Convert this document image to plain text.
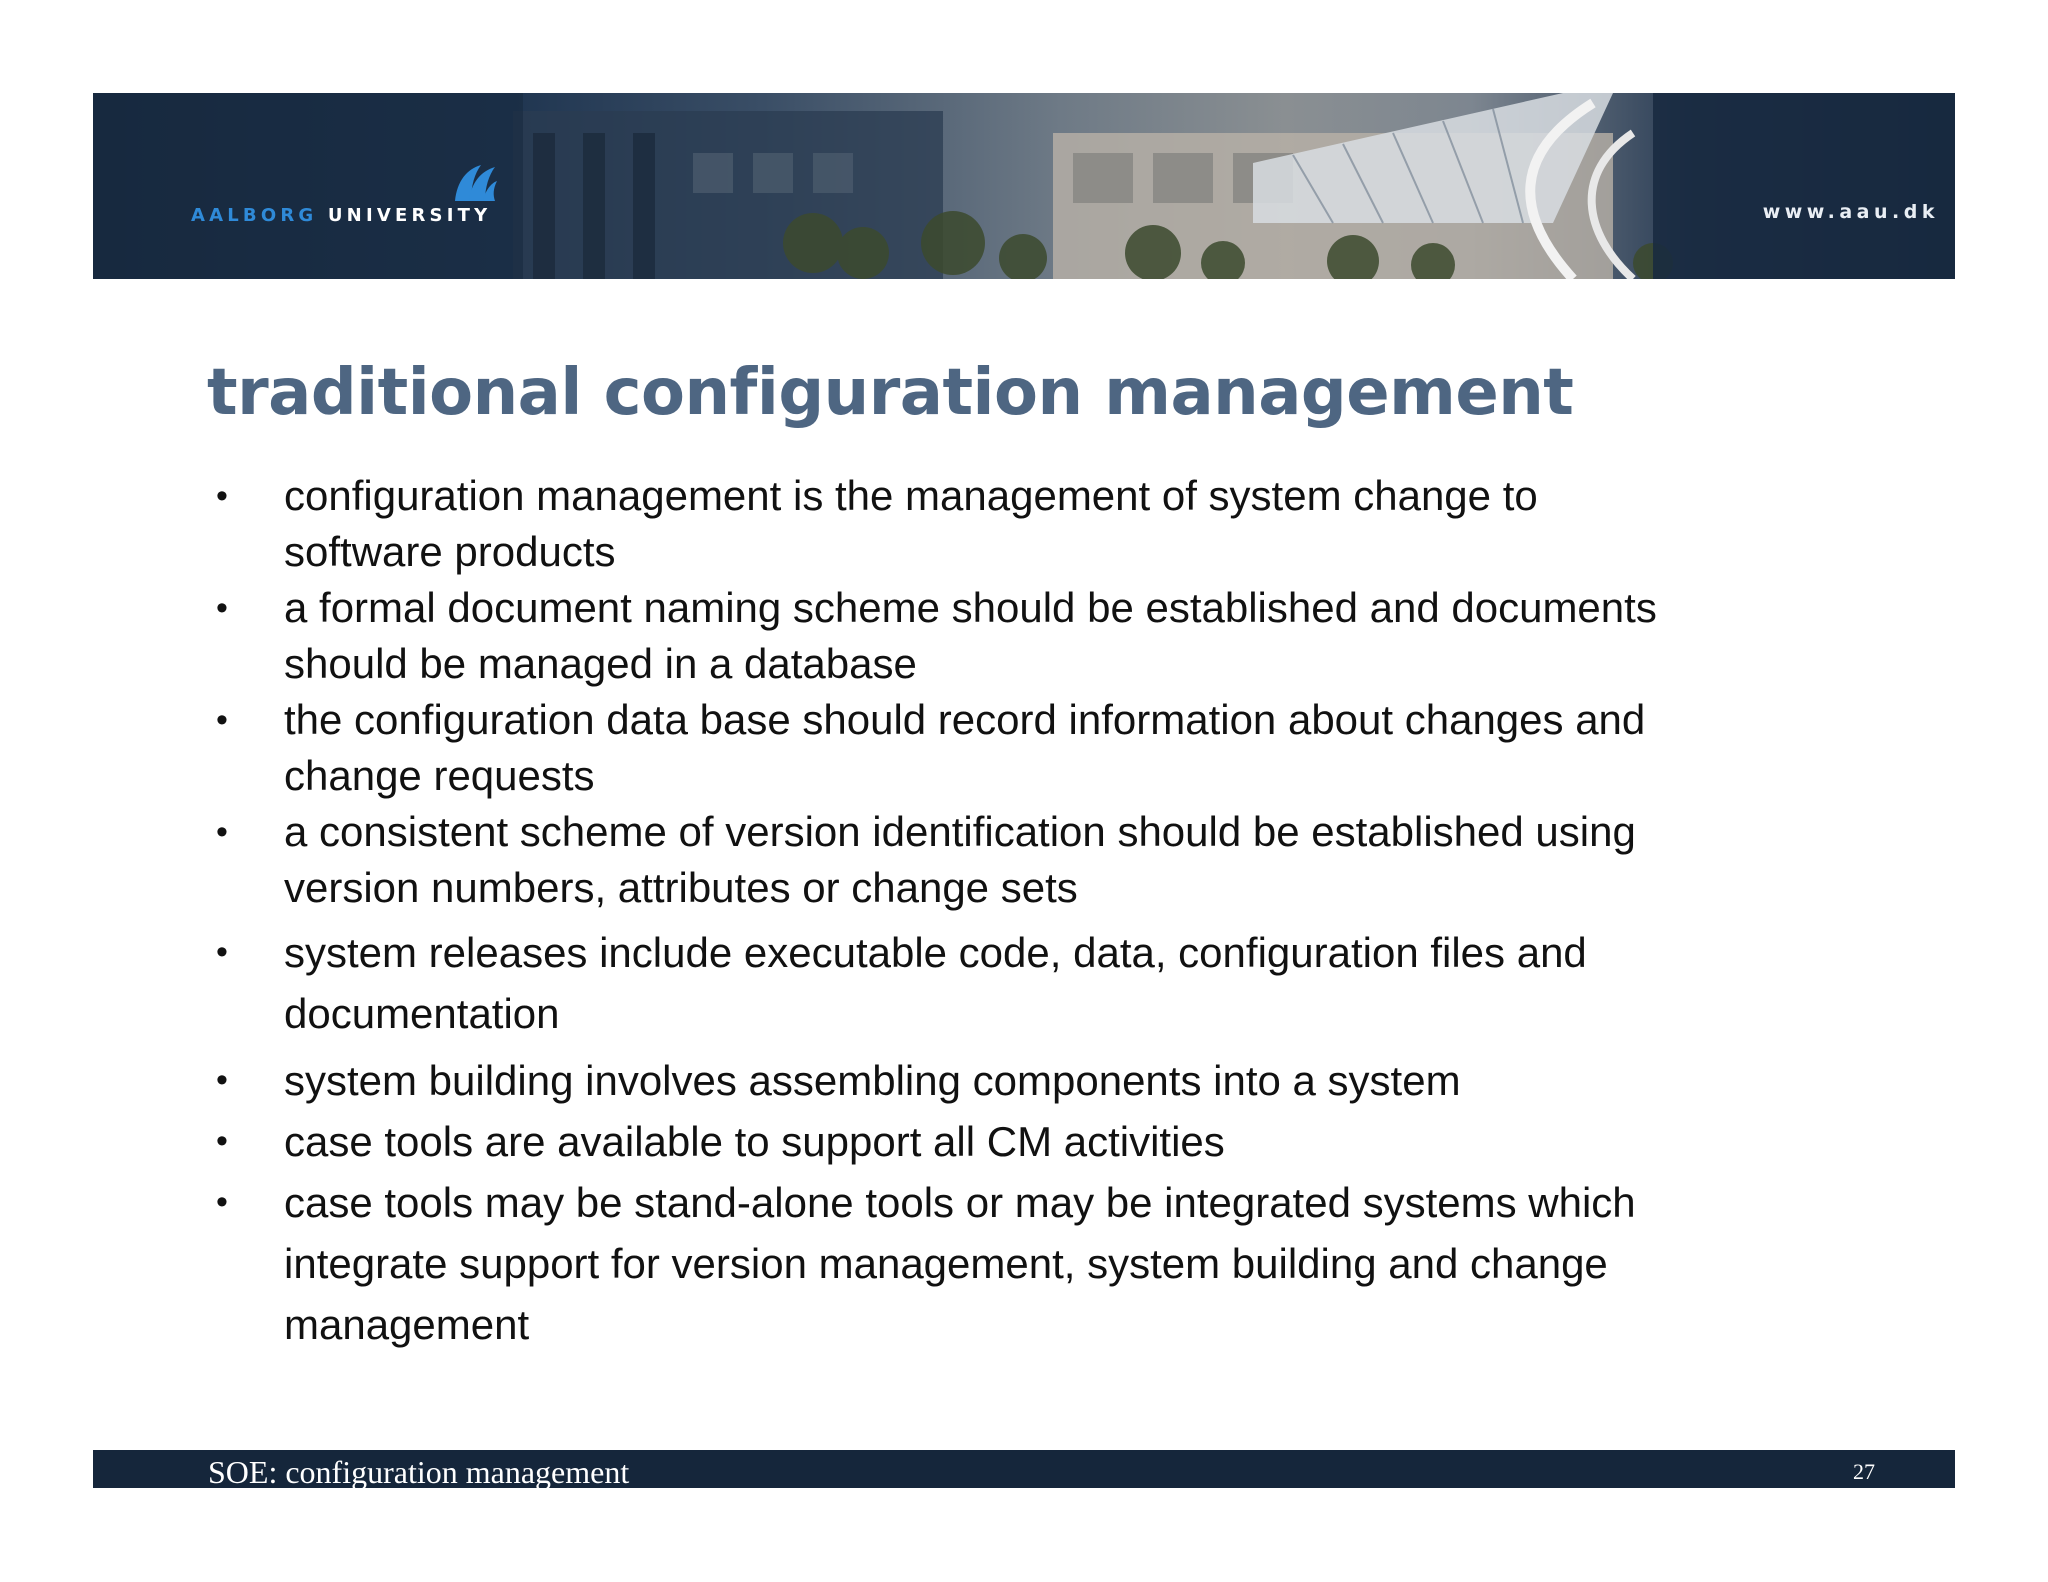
AALBORG UNIVERSITY	www.aau.dk
traditional configuration management
• configuration management is the management of system change to
software products
• a formal document naming scheme should be established and documents
should be managed in a database
• the configuration data base should record information about changes and
change requests
• a consistent scheme of version identification should be established using
version numbers, attributes or change sets
• system releases include executable code, data, configuration files and
documentation
• system building involves assembling components into a system
• case tools are available to support all CM activities
• case tools may be stand-alone tools or may be integrated systems which
integrate support for version management, system building and change
management
SOE: configuration management	27
